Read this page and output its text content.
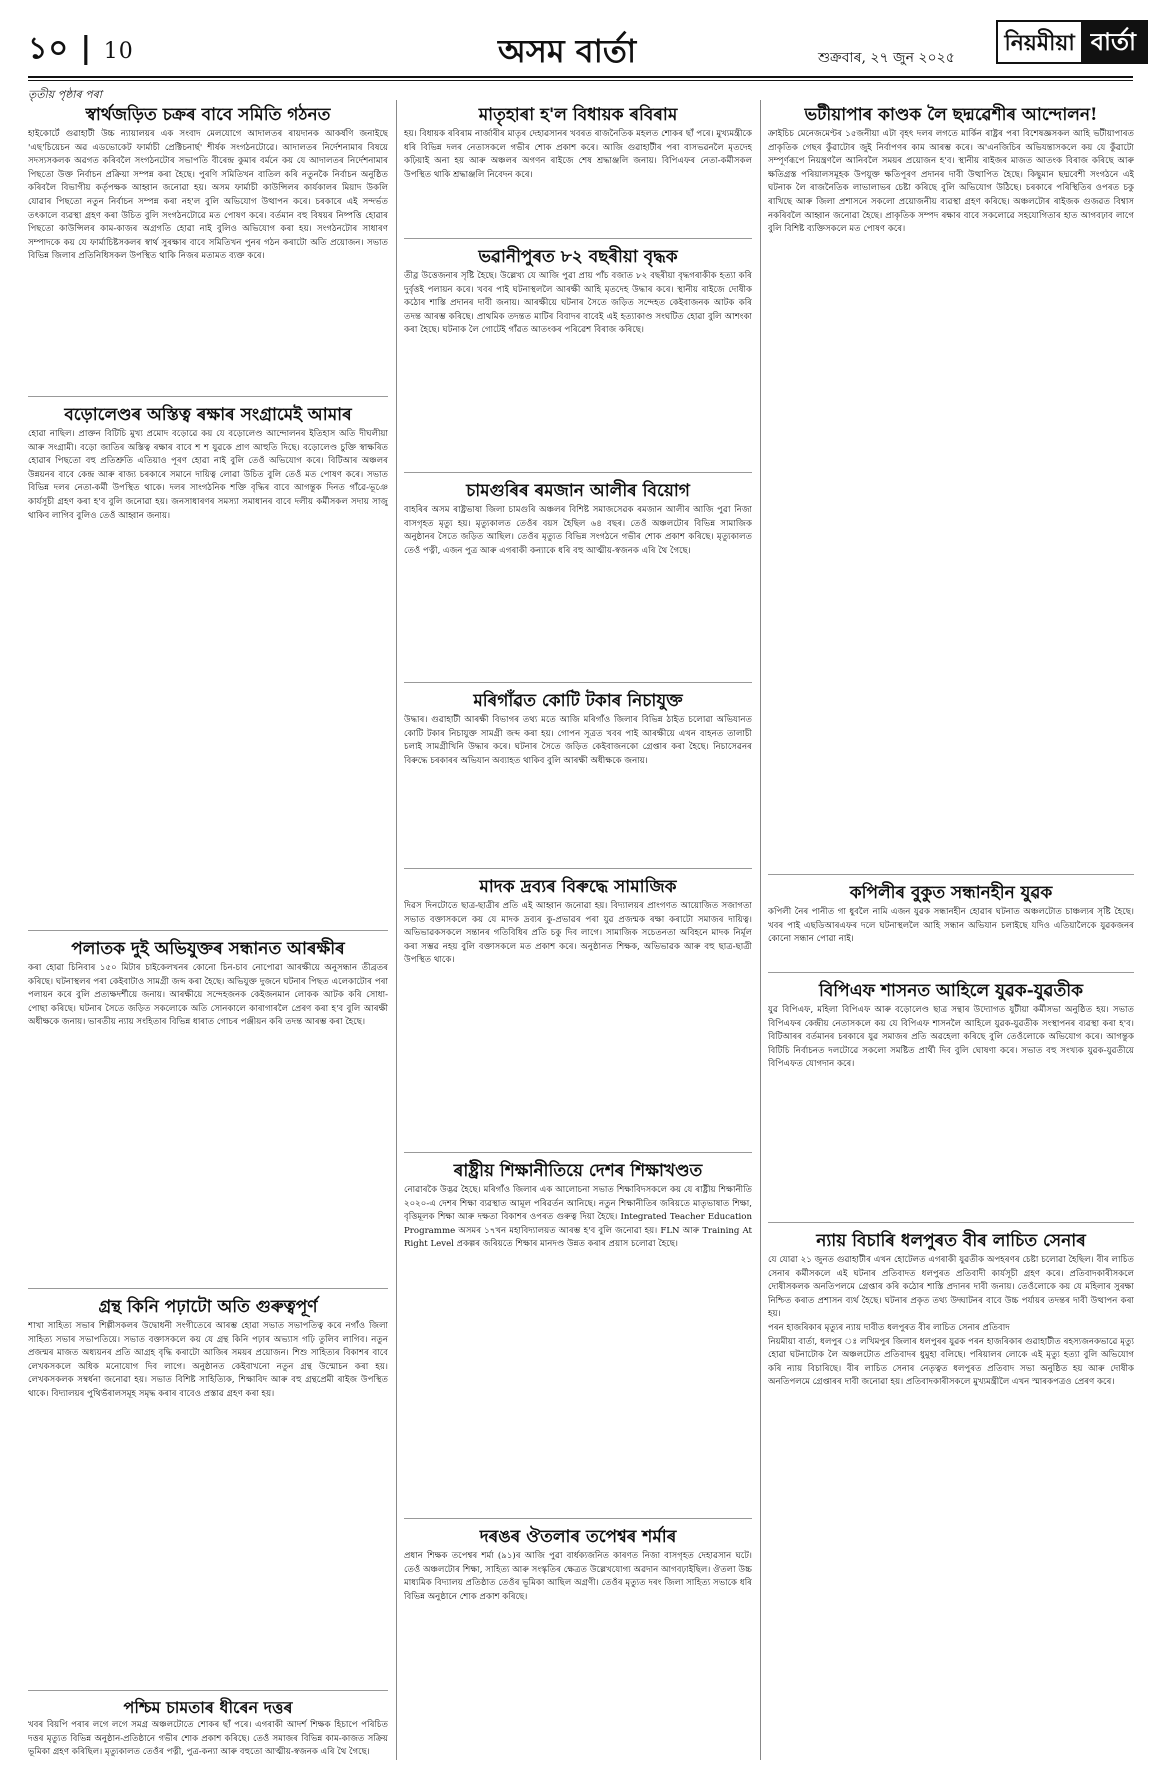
১০ | 10	অসম বাৰ্তা	শুক্ৰবাৰ, ২৭ জুন ২০২৫
নিয়মীয়া বাৰ্তা
তৃতীয় পৃষ্ঠাৰ পৰা
স্বাৰ্থজড়িত চক্ৰৰ বাবে সমিতি গঠনত
হাইকোৰ্টে গুৱাহাটী উচ্চ ন্যায়ালয়ৰ এক সংবাদ মেলযোগে আদালতৰ ৰায়দানক আকৰ্ষণি জনাইছে 'এছ'চিয়েচন অৱ এডভোকেট ফাৰ্মাচী প্ৰেক্টিচনাৰ্ছ' শীৰ্ষক সংগঠনটোৱে। আদালতৰ নিৰ্দেশনামাৰ বিষয়ে সদস্যসকলক অৱগত কৰিবলৈ সংগঠনটোৰ সভাপতি বীৰেন্দ্ৰ কুমাৰ বৰ্মনে কয় যে আদালতৰ নিৰ্দেশনামাৰ পিছতো উক্ত নিৰ্বাচন প্ৰক্ৰিয়া সম্পন্ন কৰা হৈছে। পুৰণি সমিতিখন বাতিল কৰি নতুনকৈ নিৰ্বাচন অনুষ্ঠিত কৰিবলৈ বিভাগীয় কৰ্তৃপক্ষক আহ্বান জনোৱা হয়। অসম ফাৰ্মাচী কাউন্সিলৰ কাৰ্যকালৰ মিয়াদ উকলি যোৱাৰ পিছতো নতুন নিৰ্বাচন সম্পন্ন কৰা নহ'ল বুলি অভিযোগ উত্থাপন কৰে। চৰকাৰে এই সন্দৰ্ভত তৎকালে ব্যৱস্থা গ্ৰহণ কৰা উচিত বুলি সংগঠনটোৱে মত পোষণ কৰে। বৰ্তমান বহু বিষয়ৰ নিষ্পত্তি হোৱাৰ পিছতো কাউন্সিলৰ কাম-কাজৰ অগ্ৰগতি হোৱা নাই বুলিও অভিযোগ কৰা হয়। সংগঠনটোৰ সাধাৰণ সম্পাদকে কয় যে ফাৰ্মাচিষ্টসকলৰ স্বাৰ্থ সুৰক্ষাৰ বাবে সমিতিখন পুনৰ গঠন কৰাটো অতি প্ৰয়োজন। সভাত বিভিন্ন জিলাৰ প্ৰতিনিধিসকল উপস্থিত থাকি নিজৰ মতামত ব্যক্ত কৰে।
বড়োলেণ্ডৰ অস্তিত্ব ৰক্ষাৰ সংগ্ৰামেই আমাৰ
হোৱা নাছিল। প্ৰাক্তন বিটিচি মুখ্য প্ৰমোদ বড়োৱে কয় যে বড়োলেণ্ড আন্দোলনৰ ইতিহাস অতি দীঘলীয়া আৰু সংগ্ৰামী। বড়ো জাতিৰ অস্তিত্ব ৰক্ষাৰ বাবে শ শ যুৱকে প্ৰাণ আহুতি দিছে। বড়োলেণ্ড চুক্তি স্বাক্ষৰিত হোৱাৰ পিছতো বহু প্ৰতিশ্ৰুতি এতিয়াও পূৰণ হোৱা নাই বুলি তেওঁ অভিযোগ কৰে। বিটিআৰ অঞ্চলৰ উন্নয়নৰ বাবে কেন্দ্ৰ আৰু ৰাজ্য চৰকাৰে সমানে দায়িত্ব লোৱা উচিত বুলি তেওঁ মত পোষণ কৰে। সভাত বিভিন্ন দলৰ নেতা-কৰ্মী উপস্থিত থাকে। দলৰ সাংগঠনিক শক্তি বৃদ্ধিৰ বাবে আগন্তুক দিনত গাঁৱে-ভূঞে কাৰ্যসূচী গ্ৰহণ কৰা হ'ব বুলি জনোৱা হয়। জনসাধাৰণৰ সমস্যা সমাধানৰ বাবে দলীয় কৰ্মীসকল সদায় সাজু থাকিব লাগিব বুলিও তেওঁ আহ্বান জনায়।
পলাতক দুই অভিযুক্তৰ সন্ধানত আৰক্ষীৰ
কৰা হোৱা চিনিবাৰ ১৫০ মিটাৰ চাইকেলখনৰ কোনো চিন-চাব নোপোৱা আৰক্ষীয়ে অনুসন্ধান তীব্ৰতৰ কৰিছে। ঘটনাস্থলৰ পৰা কেইবাটাও সামগ্ৰী জব্দ কৰা হৈছে। অভিযুক্ত দুজনে ঘটনাৰ পিছত এলেকাটোৰ পৰা পলায়ন কৰে বুলি প্ৰত্যক্ষদৰ্শীয়ে জনায়। আৰক্ষীয়ে সন্দেহজনক কেইজনমান লোকক আটক কৰি সোধা-পোছা কৰিছে। ঘটনাৰ সৈতে জড়িত সকলোকে অতি সোনকালে কাৰাগাৰলৈ প্ৰেৰণ কৰা হ'ব বুলি আৰক্ষী অধীক্ষকে জনায়। ভাৰতীয় ন্যায় সংহিতাৰ বিভিন্ন ধাৰাত গোচৰ পঞ্জীয়ন কৰি তদন্ত আৰম্ভ কৰা হৈছে।
গ্ৰন্থ কিনি পঢ়াটো অতি গুৰুত্বপূৰ্ণ
শাখা সাহিত্য সভাৰ শিল্পীসকলৰ উদ্বোধনী সংগীতেৰে আৰম্ভ হোৱা সভাত সভাপতিত্ব কৰে নগাঁও জিলা সাহিত্য সভাৰ সভাপতিয়ে। সভাত বক্তাসকলে কয় যে গ্ৰন্থ কিনি পঢ়াৰ অভ্যাস গঢ়ি তুলিব লাগিব। নতুন প্ৰজন্মৰ মাজত অধ্যয়নৰ প্ৰতি আগ্ৰহ বৃদ্ধি কৰাটো আজিৰ সময়ৰ প্ৰয়োজন। শিশু সাহিত্যৰ বিকাশৰ বাবে লেখকসকলে অধিক মনোযোগ দিব লাগে। অনুষ্ঠানত কেইবাখনো নতুন গ্ৰন্থ উন্মোচন কৰা হয়। লেখকসকলক সম্বৰ্ধনা জনোৱা হয়। সভাত বিশিষ্ট সাহিত্যিক, শিক্ষাবিদ আৰু বহু গ্ৰন্থপ্ৰেমী ৰাইজ উপস্থিত থাকে। বিদ্যালয়ৰ পুথিভঁৰালসমূহ সমৃদ্ধ কৰাৰ বাবেও প্ৰস্তাৱ গ্ৰহণ কৰা হয়।
পশ্চিম চামতাৰ ধীৰেন দত্তৰ
খবৰ বিয়পি পৰাৰ লগে লগে সমগ্ৰ অঞ্চলটোতে শোকৰ ছাঁ পৰে। এগৰাকী আদৰ্শ শিক্ষক হিচাপে পৰিচিত দত্তৰ মৃত্যুত বিভিন্ন অনুষ্ঠান-প্ৰতিষ্ঠানে গভীৰ শোক প্ৰকাশ কৰিছে। তেওঁ সমাজৰ বিভিন্ন কাম-কাজত সক্ৰিয় ভূমিকা গ্ৰহণ কৰিছিল। মৃত্যুকালত তেওঁৰ পত্নী, পুত্ৰ-কন্যা আৰু বহুতো আত্মীয়-স্বজনক এৰি থৈ গৈছে।
মাতৃহাৰা হ'ল বিধায়ক ৰবিৰাম
হয়। বিধায়ক ৰবিৰাম নাৰ্জাৰীৰ মাতৃৰ দেহাৱসানৰ খবৰত ৰাজনৈতিক মহলত শোকৰ ছাঁ পৰে। মুখ্যমন্ত্ৰীকে ধৰি বিভিন্ন দলৰ নেতাসকলে গভীৰ শোক প্ৰকাশ কৰে। আজি গুৱাহাটীৰ পৰা বাসভৱনলৈ মৃতদেহ কঢ়িয়াই অনা হয় আৰু অঞ্চলৰ অগণন ৰাইজে শেষ শ্ৰদ্ধাঞ্জলি জনায়। বিপিএফৰ নেতা-কৰ্মীসকল উপস্থিত থাকি শ্ৰদ্ধাঞ্জলি নিবেদন কৰে।
ভৱানীপুৰত ৮২ বছৰীয়া বৃদ্ধক
তীৱ্ৰ উত্তেজনাৰ সৃষ্টি হৈছে। উল্লেখ্য যে আজি পুৱা প্ৰায় পাঁচ বজাত ৮২ বছৰীয়া বৃদ্ধগৰাকীক হত্যা কৰি দুৰ্বৃত্তই পলায়ন কৰে। খবৰ পাই ঘটনাস্থললৈ আৰক্ষী আহি মৃতদেহ উদ্ধাৰ কৰে। স্থানীয় ৰাইজে দোষীক কঠোৰ শাস্তি প্ৰদানৰ দাবী জনায়। আৰক্ষীয়ে ঘটনাৰ সৈতে জড়িত সন্দেহত কেইবাজনক আটক কৰি তদন্ত আৰম্ভ কৰিছে। প্ৰাথমিক তদন্তত মাটিৰ বিবাদৰ বাবেই এই হত্যাকাণ্ড সংঘটিত হোৱা বুলি আশংকা কৰা হৈছে। ঘটনাক লৈ গোটেই গাঁৱত আতংকৰ পৰিৱেশ বিৰাজ কৰিছে।
চামগুৰিৰ ৰমজান আলীৰ বিয়োগ
বাহৰিৰ অসম ৰাষ্ট্ৰভাষা জিলা চামগুৰি অঞ্চলৰ বিশিষ্ট সমাজসেৱক ৰমজান আলীৰ আজি পুৱা নিজা বাসগৃহত মৃত্যু হয়। মৃত্যুকালত তেওঁৰ বয়স হৈছিল ৬৪ বছৰ। তেওঁ অঞ্চলটোৰ বিভিন্ন সামাজিক অনুষ্ঠানৰ সৈতে জড়িত আছিল। তেওঁৰ মৃত্যুত বিভিন্ন সংগঠনে গভীৰ শোক প্ৰকাশ কৰিছে। মৃত্যুকালত তেওঁ পত্নী, এজন পুত্ৰ আৰু এগৰাকী কন্যাকে ধৰি বহু আত্মীয়-স্বজনক এৰি থৈ গৈছে।
মৰিগাঁৱত কোটি টকাৰ নিচাযুক্ত
উদ্ধাৰ। গুৱাহাটী আৰক্ষী বিভাগৰ তথ্য মতে আজি মৰিগাঁও জিলাৰ বিভিন্ন ঠাইত চলোৱা অভিযানত কোটি টকাৰ নিচাযুক্ত সামগ্ৰী জব্দ কৰা হয়। গোপন সূত্ৰত খবৰ পাই আৰক্ষীয়ে এখন বাহনত তালাচী চলাই সামগ্ৰীখিনি উদ্ধাৰ কৰে। ঘটনাৰ সৈতে জড়িত কেইবাজনকো গ্ৰেপ্তাৰ কৰা হৈছে। নিচাসেৱনৰ বিৰুদ্ধে চৰকাৰৰ অভিযান অব্যাহত থাকিব বুলি আৰক্ষী অধীক্ষকে জনায়।
মাদক দ্ৰব্যৰ বিৰুদ্ধে সামাজিক
দিৱস দিনটোতে ছাত্ৰ-ছাত্ৰীৰ প্ৰতি এই আহ্বান জনোৱা হয়। বিদ্যালয়ৰ প্ৰাংগণত আয়োজিত সজাগতা সভাত বক্তাসকলে কয় যে মাদক দ্ৰব্যৰ কু-প্ৰভাৱৰ পৰা যুৱ প্ৰজন্মক ৰক্ষা কৰাটো সমাজৰ দায়িত্ব। অভিভাৱকসকলে সন্তানৰ গতিবিধিৰ প্ৰতি চকু দিব লাগে। সামাজিক সচেতনতা অবিহনে মাদক নিৰ্মূল কৰা সম্ভৱ নহয় বুলি বক্তাসকলে মত প্ৰকাশ কৰে। অনুষ্ঠানত শিক্ষক, অভিভাৱক আৰু বহু ছাত্ৰ-ছাত্ৰী উপস্থিত থাকে।
ৰাষ্ট্ৰীয় শিক্ষানীতিয়ে দেশৰ শিক্ষাখণ্ডত
নোৱাৰকৈ উদ্ভৱ হৈছে। মৰিগাঁও জিলাৰ এক আলোচনা সভাত শিক্ষাবিদসকলে কয় যে ৰাষ্ট্ৰীয় শিক্ষানীতি ২০২০-এ দেশৰ শিক্ষা ব্যৱস্থাত আমূল পৰিৱৰ্তন আনিছে। নতুন শিক্ষানীতিৰ জৰিয়তে মাতৃভাষাত শিক্ষা, বৃত্তিমূলক শিক্ষা আৰু দক্ষতা বিকাশৰ ওপৰত গুৰুত্ব দিয়া হৈছে। Integrated Teacher Education Programme অসমৰ ১৭খন মহাবিদ্যালয়ত আৰম্ভ হ'ব বুলি জনোৱা হয়। FLN আৰু Training At Right Level প্ৰকল্পৰ জৰিয়তে শিক্ষাৰ মানদণ্ড উন্নত কৰাৰ প্ৰয়াস চলোৱা হৈছে।
দৰঙৰ ঔতলাৰ তপেশ্বৰ শৰ্মাৰ
প্ৰধান শিক্ষক তপেশ্বৰ শৰ্মা (৯১)ৰ আজি পুৱা বাৰ্ধক্যজনিত কাৰণত নিজা বাসগৃহত দেহাৱসান ঘটে। তেওঁ অঞ্চলটোৰ শিক্ষা, সাহিত্য আৰু সংস্কৃতিৰ ক্ষেত্ৰত উল্লেখযোগ্য অৱদান আগবঢ়াইছিল। ঔতলা উচ্চ মাধ্যমিক বিদ্যালয় প্ৰতিষ্ঠাত তেওঁৰ ভূমিকা আছিল অগ্ৰণী। তেওঁৰ মৃত্যুত দৰং জিলা সাহিত্য সভাকে ধৰি বিভিন্ন অনুষ্ঠানে শোক প্ৰকাশ কৰিছে।
ভটীয়াপাৰ কাণ্ডক লৈ ছদ্মৱেশীৰ আন্দোলন!
ক্ৰাইচিচ মেনেজমেণ্টৰ ১৫জনীয়া এটা বৃহৎ দলৰ লগতে মাৰ্কিন ৰাষ্ট্ৰৰ পৰা বিশেষজ্ঞসকল আহি ভটীয়াপাৰত প্ৰাকৃতিক গেছৰ কুঁৱাটোৰ জুই নিৰ্বাপণৰ কাম আৰম্ভ কৰে। অ'এনজিচিৰ অভিযন্তাসকলে কয় যে কুঁৱাটো সম্পূৰ্ণৰূপে নিয়ন্ত্ৰণলৈ আনিবলৈ সময়ৰ প্ৰয়োজন হ'ব। স্থানীয় ৰাইজৰ মাজত আতংক বিৰাজ কৰিছে আৰু ক্ষতিগ্ৰস্ত পৰিয়ালসমূহক উপযুক্ত ক্ষতিপূৰণ প্ৰদানৰ দাবী উত্থাপিত হৈছে। কিছুমান ছদ্মবেশী সংগঠনে এই ঘটনাক লৈ ৰাজনৈতিক লাভালাভৰ চেষ্টা কৰিছে বুলি অভিযোগ উঠিছে। চৰকাৰে পৰিস্থিতিৰ ওপৰত চকু ৰাখিছে আৰু জিলা প্ৰশাসনে সকলো প্ৰয়োজনীয় ব্যৱস্থা গ্ৰহণ কৰিছে। অঞ্চলটোৰ ৰাইজক গুজৱত বিশ্বাস নকৰিবলৈ আহ্বান জনোৱা হৈছে। প্ৰাকৃতিক সম্পদ ৰক্ষাৰ বাবে সকলোৱে সহযোগিতাৰ হাত আগবঢ়াব লাগে বুলি বিশিষ্ট ব্যক্তিসকলে মত পোষণ কৰে।
কপিলীৰ বুকুত সন্ধানহীন যুৱক
কপিলী নৈৰ পানীত গা ধুবলৈ নামি এজন যুৱক সন্ধানহীন হোৱাৰ ঘটনাত অঞ্চলটোত চাঞ্চল্যৰ সৃষ্টি হৈছে। খবৰ পাই এছডিআৰএফৰ দলে ঘটনাস্থললৈ আহি সন্ধান অভিযান চলাইছে যদিও এতিয়ালৈকে যুৱকজনৰ কোনো সন্ধান পোৱা নাই।
বিপিএফ শাসনত আহিলে যুৱক-যুৱতীক
যুৱ বিপিএফ, মহিলা বিপিএফ আৰু বড়োলেণ্ড ছাত্ৰ সন্থাৰ উদ্যোগত যুটীয়া কৰ্মীসভা অনুষ্ঠিত হয়। সভাত বিপিএফৰ কেন্দ্ৰীয় নেতাসকলে কয় যে বিপিএফ শাসনলৈ আহিলে যুৱক-যুৱতীক সংস্থাপনৰ ব্যৱস্থা কৰা হ'ব। বিটিআৰৰ বৰ্তমানৰ চৰকাৰে যুৱ সমাজৰ প্ৰতি অৱহেলা কৰিছে বুলি তেওঁলোকে অভিযোগ কৰে। আগন্তুক বিটিচি নিৰ্বাচনত দলটোৱে সকলো সমষ্টিত প্ৰাৰ্থী দিব বুলি ঘোষণা কৰে। সভাত বহু সংখ্যক যুৱক-যুৱতীয়ে বিপিএফত যোগদান কৰে।
ন্যায় বিচাৰি ধলপুৰত বীৰ লাচিত সেনাৰ
যে যোৱা ২১ জুনত গুৱাহাটীৰ এখন হোটেলত এগৰাকী যুৱতীক অপহৰণৰ চেষ্টা চলোৱা হৈছিল। বীৰ লাচিত সেনাৰ কৰ্মীসকলে এই ঘটনাৰ প্ৰতিবাদত ধলপুৰত প্ৰতিবাদী কাৰ্যসূচী গ্ৰহণ কৰে। প্ৰতিবাদকাৰীসকলে দোষীসকলক অনতিপলমে গ্ৰেপ্তাৰ কৰি কঠোৰ শাস্তি প্ৰদানৰ দাবী জনায়। তেওঁলোকে কয় যে মহিলাৰ সুৰক্ষা নিশ্চিত কৰাত প্ৰশাসন ব্যৰ্থ হৈছে। ঘটনাৰ প্ৰকৃত তথ্য উদ্ঘাটনৰ বাবে উচ্চ পৰ্যায়ৰ তদন্তৰ দাবী উত্থাপন কৰা হয়।
পৰন হাজৰিকাৰ মৃত্যুৰ ন্যায় দাবীত ধলপুৰত বীৰ লাচিত সেনাৰ প্ৰতিবাদ
নিয়মীয়া বাৰ্তা, ধলপুৰ ঃ লখিমপুৰ জিলাৰ ধলপুৰৰ যুৱক পৰন হাজৰিকাৰ গুৱাহাটীত ৰহস্যজনকভাৱে মৃত্যু হোৱা ঘটনাটোক লৈ অঞ্চলটোত প্ৰতিবাদৰ ধুমুহা বলিছে। পৰিয়ালৰ লোকে এই মৃত্যু হত্যা বুলি অভিযোগ কৰি ন্যায় বিচাৰিছে। বীৰ লাচিত সেনাৰ নেতৃত্বত ধলপুৰত প্ৰতিবাদ সভা অনুষ্ঠিত হয় আৰু দোষীক অনতিপলমে গ্ৰেপ্তাৰৰ দাবী জনোৱা হয়। প্ৰতিবাদকাৰীসকলে মুখ্যমন্ত্ৰীলৈ এখন স্মাৰকপত্ৰও প্ৰেৰণ কৰে।
